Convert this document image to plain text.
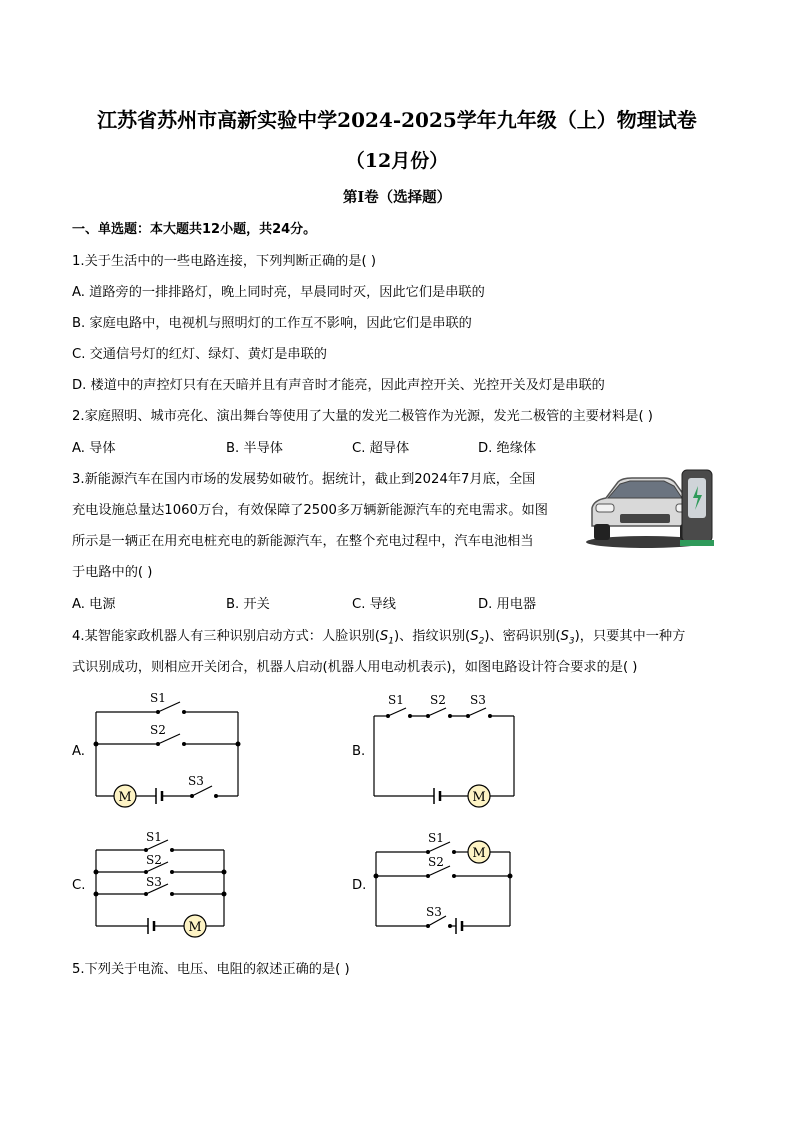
江苏省苏州市高新实验中学2024-2025学年九年级（上）物理试卷
（12月份）
第I卷（选择题）
一、单选题：本大题共12小题，共24分。
1.关于生活中的一些电路连接，下列判断正确的是( )
A. 道路旁的一排排路灯，晚上同时亮，早晨同时灭，因此它们是串联的
B. 家庭电路中，电视机与照明灯的工作互不影响，因此它们是串联的
C. 交通信号灯的红灯、绿灯、黄灯是串联的
D. 楼道中的声控灯只有在天暗并且有声音时才能亮，因此声控开关、光控开关及灯是串联的
2.家庭照明、城市亮化、演出舞台等使用了大量的发光二极管作为光源，发光二极管的主要材料是( )
A. 导体	B. 半导体	C. 超导体	D. 绝缘体
3.新能源汽车在国内市场的发展势如破竹。据统计，截止到2024年7月底，全国
充电设施总量达1060万台，有效保障了2500多万辆新能源汽车的充电需求。如图
所示是一辆正在用充电桩充电的新能源汽车，在整个充电过程中，汽车电池相当
于电路中的( )
A. 电源	B. 开关	C. 导线	D. 用电器
4.某智能家政机器人有三种识别启动方式：人脸识别$(S_1)$、指纹识别$(S_2)$、密码识别$(S_3)$，只要其中一种方
式识别成功，则相应开关闭合，机器人启动(机器人用电动机表示)，如图电路设计符合要求的是( )
A.
M
S1
S2
S3
B.
M
S1 S2 S3
C.
M
S1
S2
S3	D.
M
S1
S2
S3
5.下列关于电流、电压、电阻的叙述正确的是( )
